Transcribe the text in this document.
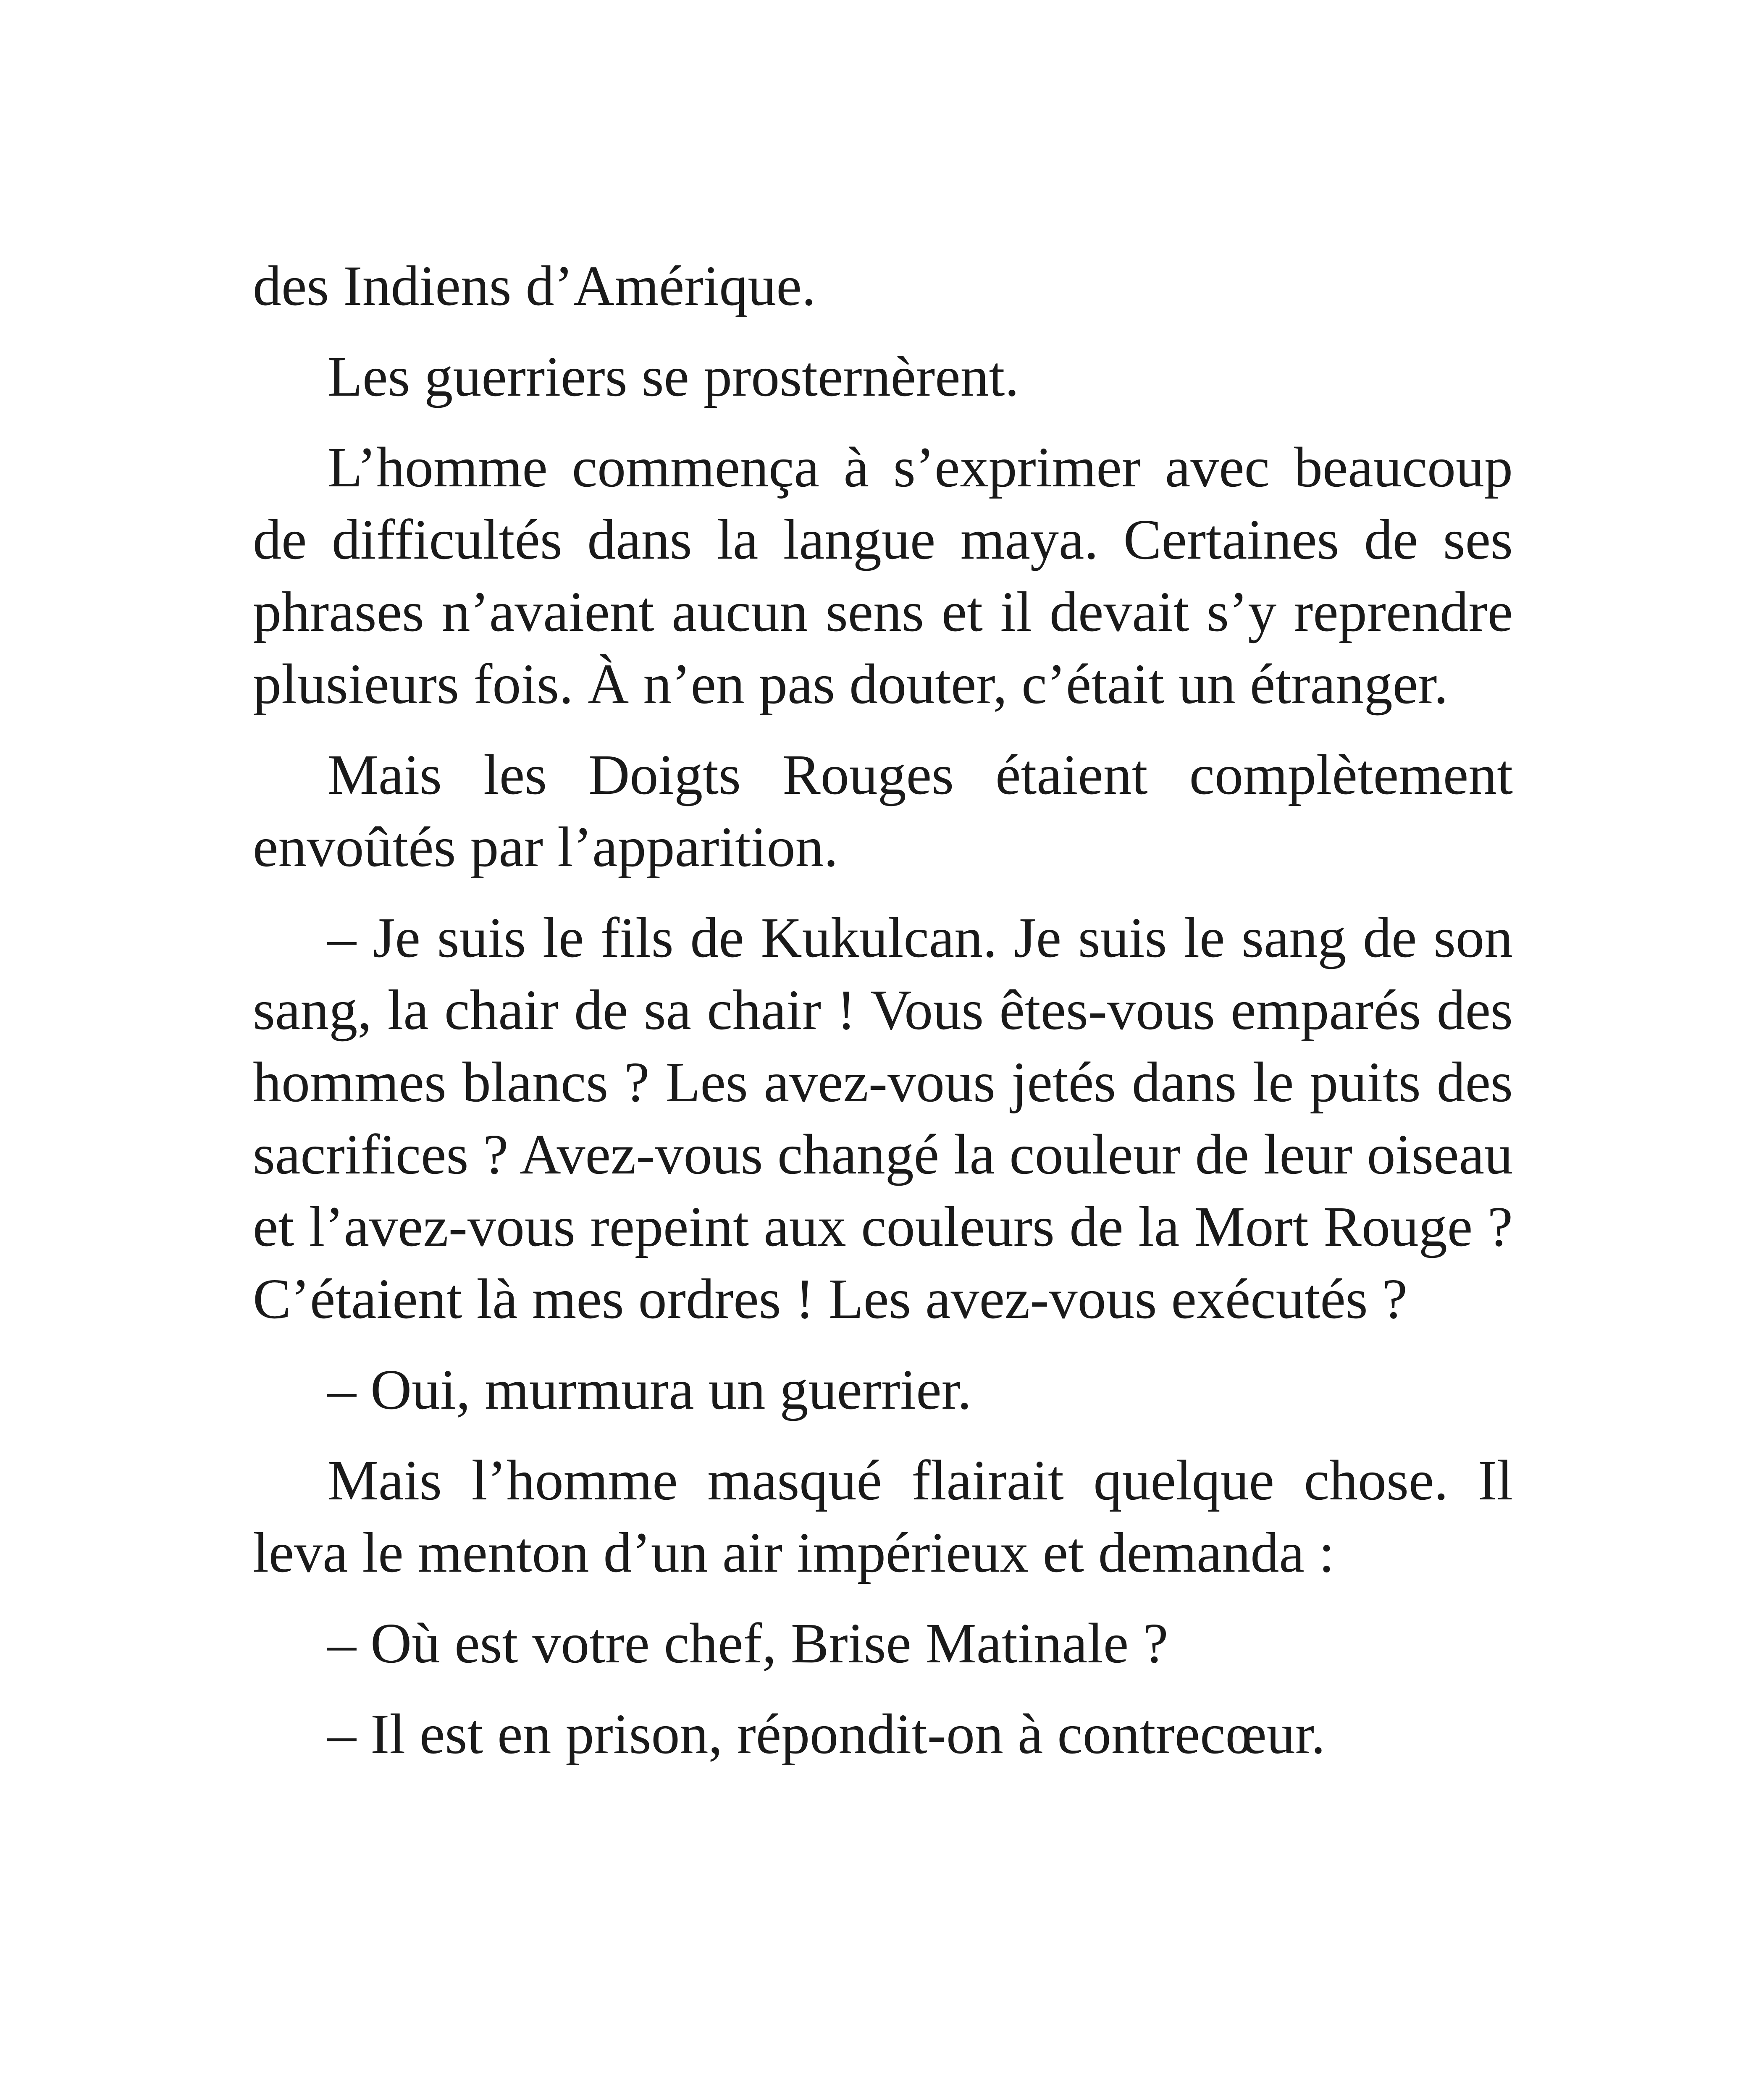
des Indiens d’Amérique.

Les guerriers se prosternèrent.

L’homme commença à s’exprimer avec beaucoup de difficultés dans la langue maya. Certaines de ses phrases n’avaient aucun sens et il devait s’y reprendre plusieurs fois. À n’en pas douter, c’était un étranger.

Mais les Doigts Rouges étaient complètement envoûtés par l’apparition.

– Je suis le fils de Kukulcan. Je suis le sang de son sang, la chair de sa chair ! Vous êtes-vous emparés des hommes blancs ? Les avez-vous jetés dans le puits des sacrifices ? Avez-vous changé la couleur de leur oiseau et l’avez-vous repeint aux couleurs de la Mort Rouge ? C’étaient là mes ordres ! Les avez-vous exécutés ?

– Oui, murmura un guerrier.

Mais l’homme masqué flairait quelque chose. Il leva le menton d’un air impérieux et demanda :

– Où est votre chef, Brise Matinale ?

– Il est en prison, répondit-on à contrecœur.
